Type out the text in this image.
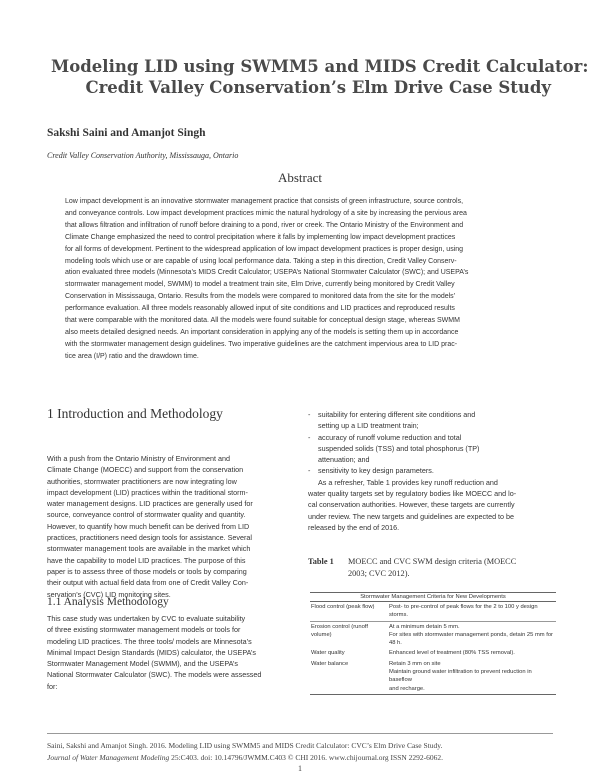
Modeling LID using SWMM5 and MIDS Credit Calculator:
Credit Valley Conservation’s Elm Drive Case Study
Sakshi Saini and Amanjot Singh
Credit Valley Conservation Authority, Mississauga, Ontario
Abstract
Low impact development is an innovative stormwater management practice that consists of green infrastructure, source controls,
and conveyance controls. Low impact development practices mimic the natural hydrology of a site by increasing the pervious area
that allows filtration and infiltration of runoff before draining to a pond, river or creek. The Ontario Ministry of the Environment and
Climate Change emphasized the need to control precipitation where it falls by implementing low impact development practices
for all forms of development. Pertinent to the widespread application of low impact development practices is proper design, using
modeling tools which use or are capable of using local performance data. Taking a step in this direction, Credit Valley Conserv-
ation evaluated three models (Minnesota’s MIDS Credit Calculator; USEPA’s National Stormwater Calculator (SWC); and USEPA’s
stormwater management model, SWMM) to model a treatment train site, Elm Drive, currently being monitored by Credit Valley
Conservation in Mississauga, Ontario. Results from the models were compared to monitored data from the site for the models’
performance evaluation. All three models reasonably allowed input of site conditions and LID practices and reproduced results
that were comparable with the monitored data. All the models were found suitable for conceptual design stage, whereas SWMM
also meets detailed designed needs. An important consideration in applying any of the models is setting them up in accordance
with the stormwater management design guidelines. Two imperative guidelines are the catchment impervious area to LID prac-
tice area (I/P) ratio and the drawdown time.
1 Introduction and Methodology
With a push from the Ontario Ministry of Environment and
Climate Change (MOECC) and support from the conservation
authorities, stormwater practitioners are now integrating low
impact development (LID) practices within the traditional storm-
water management designs. LID practices are generally used for
source, conveyance control of stormwater quality and quantity.
However, to quantify how much benefit can be derived from LID
practices, practitioners need design tools for assistance. Several
stormwater management tools are available in the market which
have the capability to model LID practices. The purpose of this
paper is to assess three of those models or tools by comparing
their output with actual field data from one of Credit Valley Con-
servation’s (CVC) LID monitoring sites.
1.1 Analysis Methodology
This case study was undertaken by CVC to evaluate suitability
of three existing stormwater management models or tools for
modeling LID practices. The three tools/ models are Minnesota’s
Minimal Impact Design Standards (MIDS) calculator, the USEPA’s
Stormwater Management Model (SWMM), and the USEPA’s
National Stormwater Calculator (SWC). The models were assessed
for:
- suitability for entering different site conditions and
setting up a LID treatment train;
- accuracy of runoff volume reduction and total
suspended solids (TSS) and total phosphorus (TP)
attenuation; and
- sensitivity to key design parameters.
As a refresher, Table 1 provides key runoff reduction and
water quality targets set by regulatory bodies like MOECC and lo-
cal conservation authorities. However, these targets are currently
under review. The new targets and guidelines are expected to be
released by the end of 2016.
Table 1 MOECC and CVC SWM design criteria (MOECC
2003; CVC 2012).
Stormwater Management Criteria for New Developments	
Flood control (peak flow)	Post- to pre-control of peak flows for the 2 to 100 y design storms.
Erosion control (runoff volume)	At a minimum detain 5 mm.
For sites with stormwater management ponds, detain 25 mm for
48 h.

Water quality	Enhanced level of treatment (80% TSS removal).
Water balance	Retain 3 mm on site
Maintain ground water infiltration to prevent reduction in baseflow
and recharge.
Saini, Sakshi and Amanjot Singh. 2016. Modeling LID using SWMM5 and MIDS Credit Calculator: CVC’s Elm Drive Case Study.
Journal of Water Management Modeling 25:C403. doi: 10.14796/JWMM.C403 © CHI 2016. www.chijournal.org ISSN 2292-6062.
1
